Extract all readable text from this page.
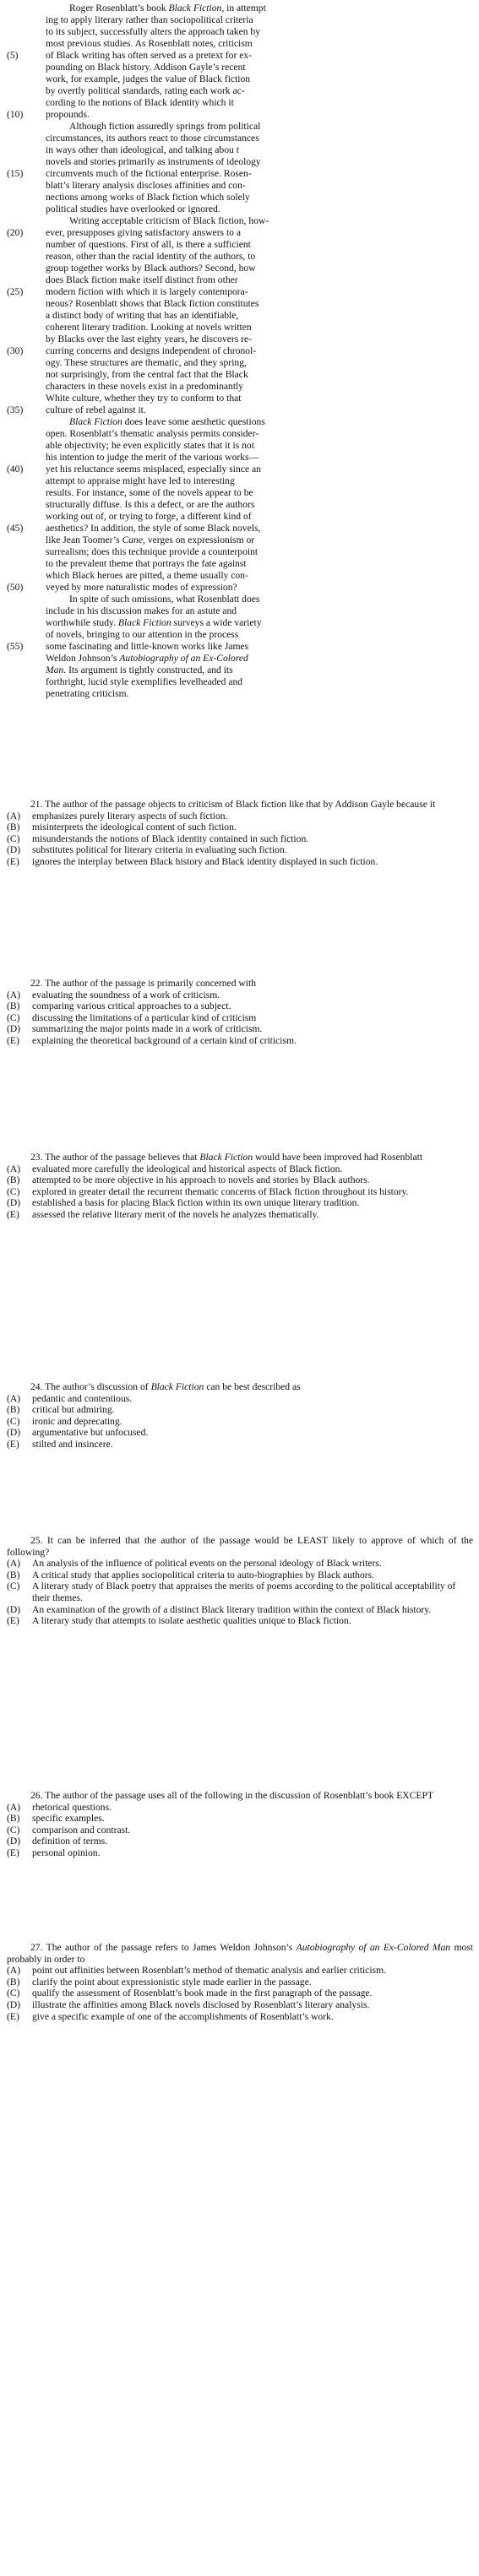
Roger Rosenblatt’s book Black Fiction, in attempt
ing to apply literary rather than sociopolitical criteria
to its subject, successfully alters the approach taken by
most previous studies. As Rosenblatt notes, criticism
(5)	of Black writing has often served as a pretext for ex-
pounding on Black history. Addison Gayle’s recent
work, for example, judges the value of Black fiction
by overtly political standards, rating each work ac-
cording to the notions of Black identity which it
(10)	propounds.
Although fiction assuredly springs from political
circumstances, its authors react to those circumstances
in ways other than ideological, and talking abou t
novels and stories primarily as instruments of ideology
(15)	circumvents much of the fictional enterprise. Rosen-
blatt’s literary analysis discloses affinities and con-
nections among works of Black fiction which solely
political studies have overlooked or ignored.
Writing acceptable criticism of Black fiction, how-
(20)	ever, presupposes giving satisfactory answers to a
number of questions. First of all, is there a sufficient
reason, other than the racial identity of the authors, to
group together works by Black authors? Second, how
does Black fiction make itself distinct from other
(25)	modern fiction with which it is largely contempora-
neous? Rosenblatt shows that Black fiction constitutes
a distinct body of writing that has an identifiable,
coherent literary tradition. Looking at novels written
by Blacks over the last eighty years, he discovers re-
(30)	curring concerns and designs independent of chronol-
ogy. These structures are thematic, and they spring,
not surprisingly, from the central fact that the Black
characters in these novels exist in a predominantly
White culture, whether they try to conform to that
(35)	culture of rebel against it.
Black Fiction does leave some aesthetic questions
open. Rosenblatt’s thematic analysis permits consider-
able objectivity; he even explicitly states that it is not
his intention to judge the merit of the various works—
(40)	yet his reluctance seems misplaced, especially since an
attempt to appraise might have led to interesting
results. For instance, some of the novels appear to be
structurally diffuse. Is this a defect, or are the authors
working out of, or trying to forge, a different kind of
(45)	aesthetics? In addition, the style of some Black novels,
like Jean Toomer’s Cane, verges on expressionism or
surrealism; does this technique provide a counterpoint
to the prevalent theme that portrays the fate against
which Black heroes are pitted, a theme usually con-
(50)	veyed by more naturalistic modes of expression?
In spite of such omissions, what Rosenblatt does
include in his discussion makes for an astute and
worthwhile study. Black Fiction surveys a wide variety
of novels, bringing to our attention in the process
(55)	some fascinating and little-known works like James
Weldon Johnson’s Autobiography of an Ex-Colored
Man. Its argument is tightly constructed, and its
forthright, lucid style exemplifies levelheaded and
penetrating criticism.
21. The author of the passage objects to criticism of Black fiction like that by Addison Gayle because it
(A)	emphasizes purely literary aspects of such fiction.
(B)	misinterprets the ideological content of such fiction.
(C)	misunderstands the notions of Black identity contained in such fiction.
(D)	substitutes political for literary criteria in evaluating such fiction.
(E)	ignores the interplay between Black history and Black identity displayed in such fiction.
22. The author of the passage is primarily concerned with
(A)	evaluating the soundness of a work of criticism.
(B)	comparing various critical approaches to a subject.
(C)	discussing the limitations of a particular kind of criticism
(D)	summarizing the major points made in a work of criticism.
(E)	explaining the theoretical background of a certain kind of criticism.
23. The author of the passage believes that Black Fiction would have been improved had Rosenblatt
(A)	evaluated more carefully the ideological and historical aspects of Black fiction.
(B)	attempted to be more objective in his approach to novels and stories by Black authors.
(C)	explored in greater detail the recurrent thematic concerns of Black fiction throughout its history.
(D)	established a basis for placing Black fiction within its own unique literary tradition.
(E)	assessed the relative literary merit of the novels he analyzes thematically.
24. The author’s discussion of Black Fiction can be best described as
(A)	pedantic and contentious.
(B)	critical but admiring.
(C)	ironic and deprecating.
(D)	argumentative but unfocused.
(E)	stilted and insincere.
25. It can be inferred that the author of the passage would be LEAST likely to approve of which of the following?
(A)	An analysis of the influence of political events on the personal ideology of Black writers.
(B)	A critical study that applies sociopolitical criteria to auto-biographies by Black authors.
(C)	A literary study of Black poetry that appraises the merits of poems according to the political acceptability of their themes.
(D)	An examination of the growth of a distinct Black literary tradition within the context of Black history.
(E)	A literary study that attempts to isolate aesthetic qualities unique to Black fiction.
26. The author of the passage uses all of the following in the discussion of Rosenblatt’s book EXCEPT
(A)	rhetorical questions.
(B)	specific examples.
(C)	comparison and contrast.
(D)	definition of terms.
(E)	personal opinion.
27. The author of the passage refers to James Weldon Johnson’s Autobiography of an Ex-Colored Man most probably in order to
(A)	point out affinities between Rosenblatt’s method of thematic analysis and earlier criticism.
(B)	clarify the point about expressionistic style made earlier in the passage.
(C)	qualify the assessment of Rosenblatt’s book made in the first paragraph of the passage.
(D)	illustrate the affinities among Black novels disclosed by Rosenblatt’s literary analysis.
(E)	give a specific example of one of the accomplishments of Rosenblatt’s work.
